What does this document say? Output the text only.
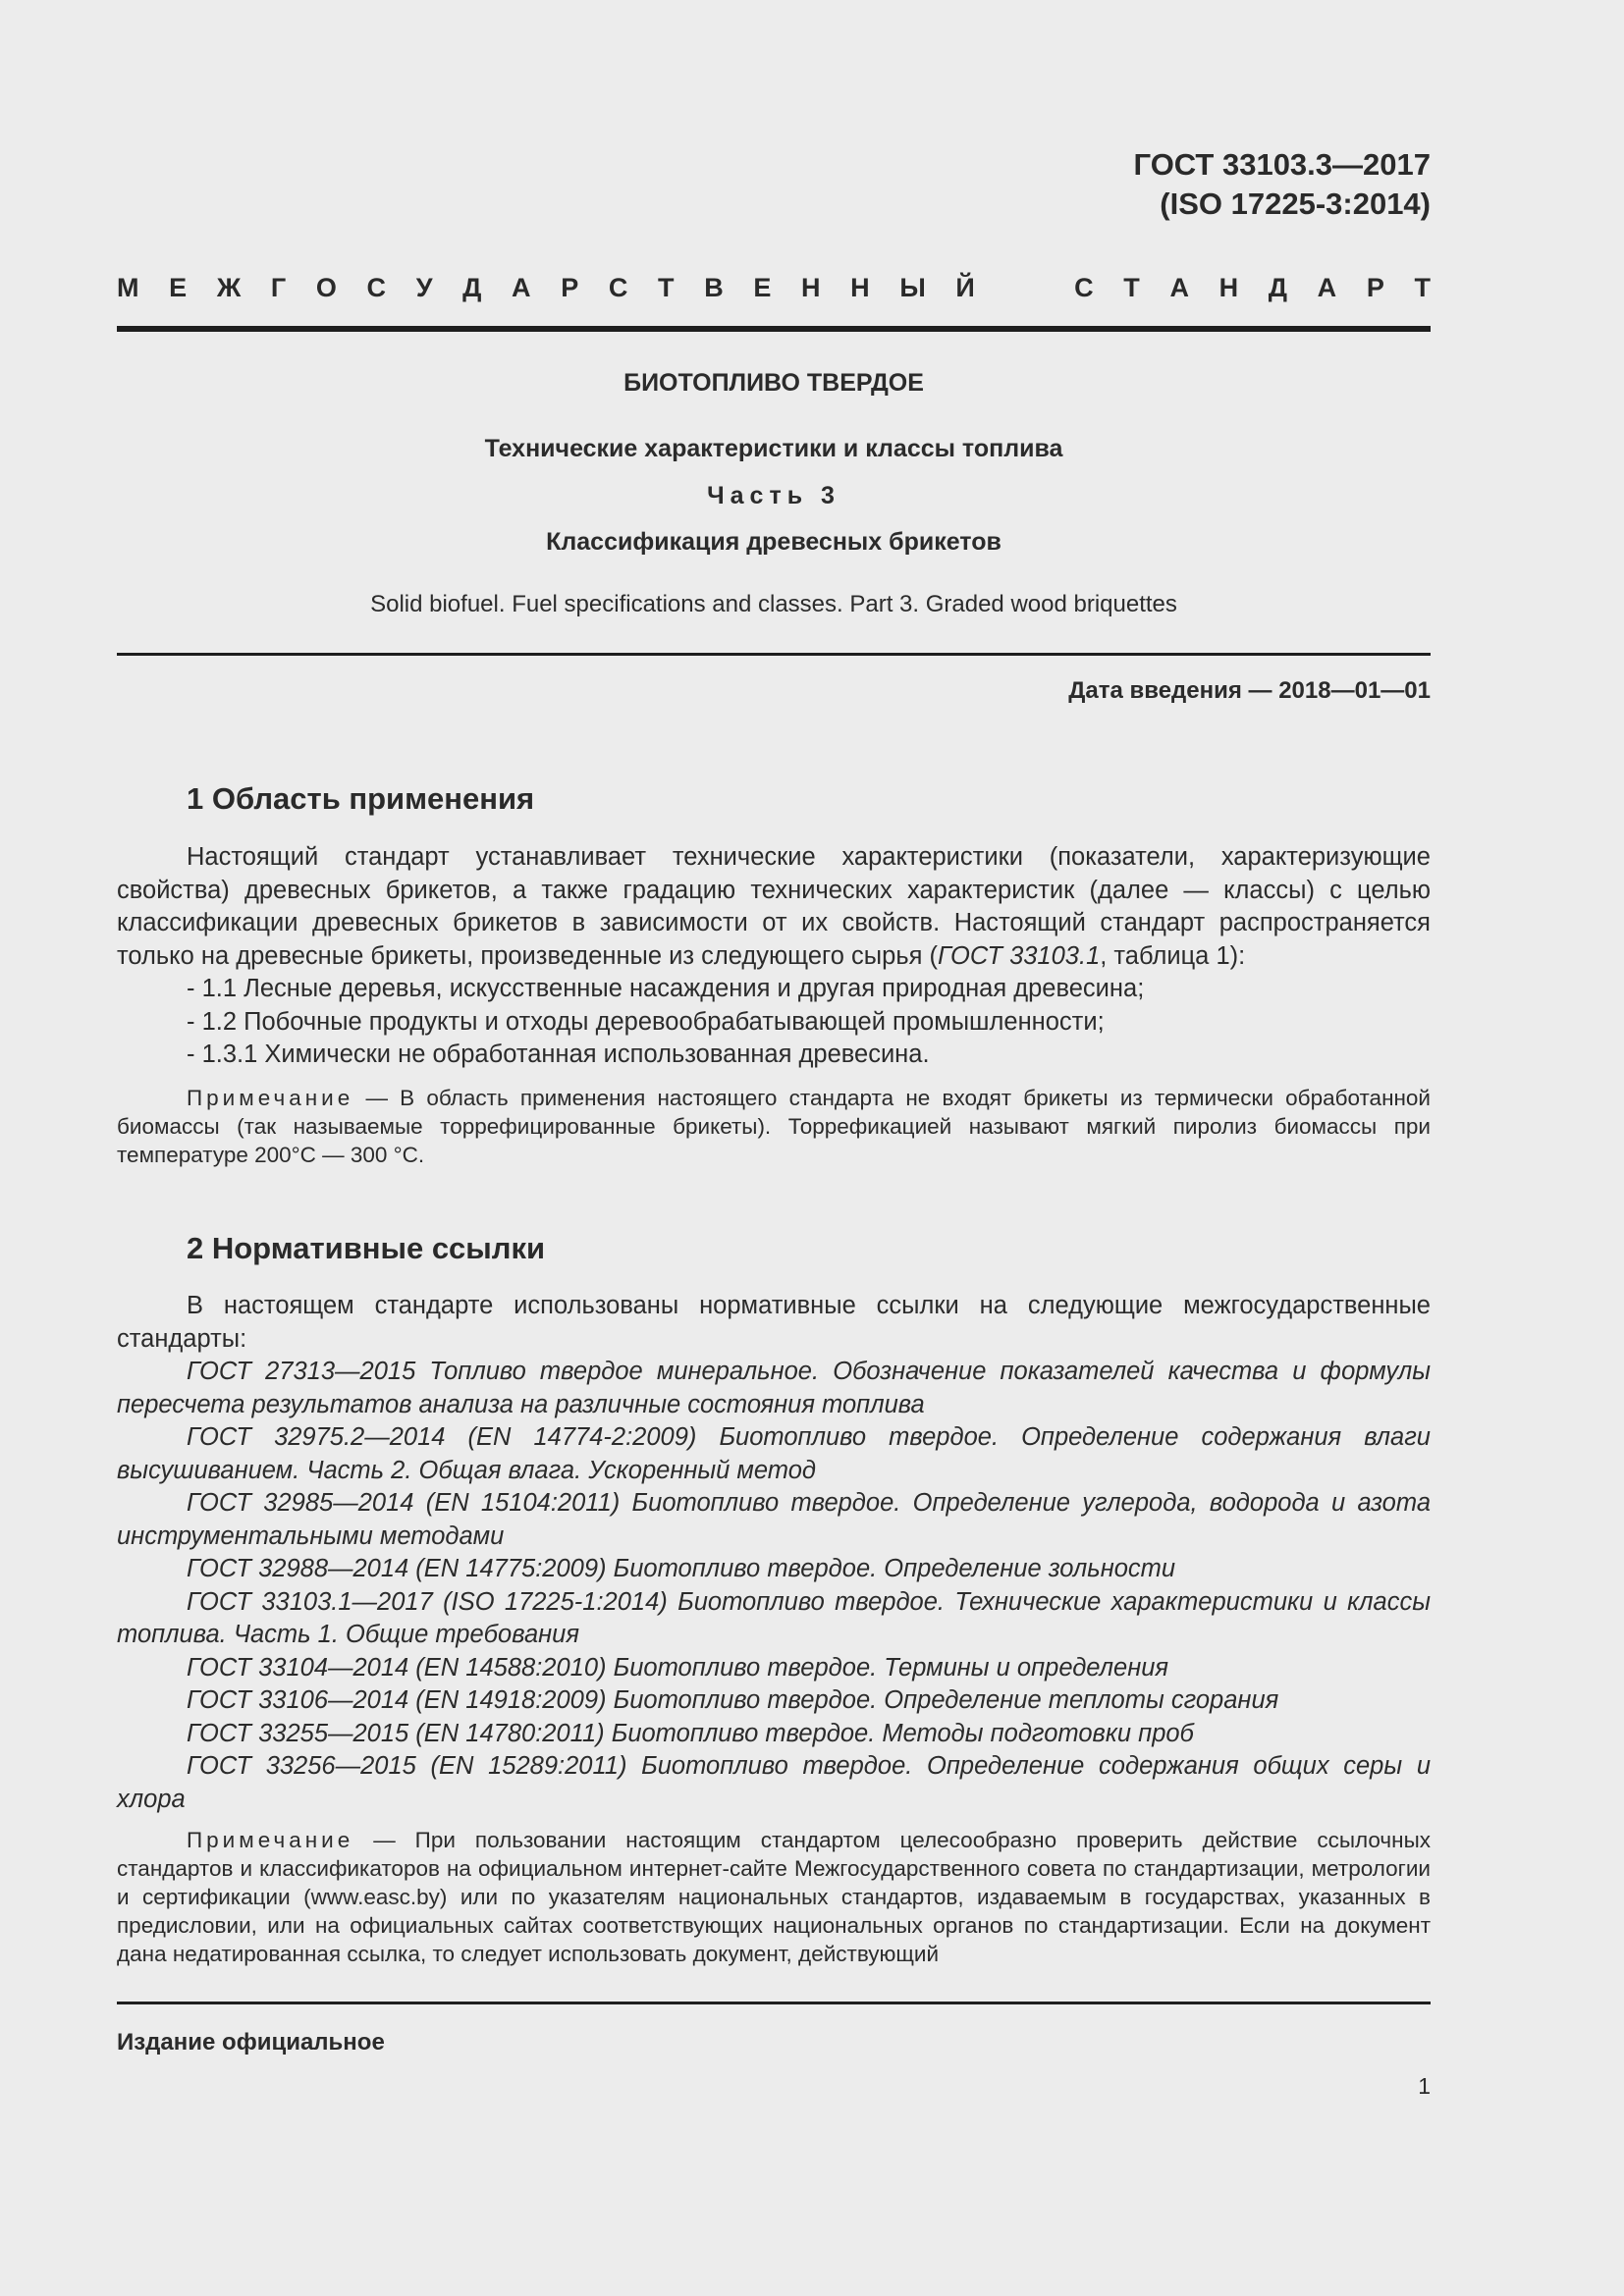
ГОСТ 33103.3—2017
(ISO 17225-3:2014)
М Е Ж Г О С У Д А Р С Т В Е Н Н Ы Й	С Т А Н Д А Р Т
БИОТОПЛИВО ТВЕРДОЕ
Технические характеристики и классы топлива
Часть 3
Классификация древесных брикетов
Solid biofuel. Fuel specifications and classes. Part 3. Graded wood briquettes
Дата введения — 2018—01—01
1 Область применения

Настоящий стандарт устанавливает технические характеристики (показатели, характеризующие свойства) древесных брикетов, а также градацию технических характеристик (далее — классы) с целью классификации древесных брикетов в зависимости от их свойств. Настоящий стандарт распространяется только на древесные брикеты, произведенные из следующего сырья (ГОСТ 33103.1, таблица 1):

- 1.1 Лесные деревья, искусственные насаждения и другая природная древесина;

- 1.2 Побочные продукты и отходы деревообрабатывающей промышленности;

- 1.3.1 Химически не обработанная использованная древесина.

Примечание — В область применения настоящего стандарта не входят брикеты из термически обработанной биомассы (так называемые торрефицированные брикеты). Торрефикацией называют мягкий пиролиз биомассы при температуре 200°С — 300 °С.

2 Нормативные ссылки

В настоящем стандарте использованы нормативные ссылки на следующие межгосударственные стандарты:

ГОСТ 27313—2015 Топливо твердое минеральное. Обозначение показателей качества и формулы пересчета результатов анализа на различные состояния топлива

ГОСТ 32975.2—2014 (EN 14774-2:2009) Биотопливо твердое. Определение содержания влаги высушиванием. Часть 2. Общая влага. Ускоренный метод

ГОСТ 32985—2014 (EN 15104:2011) Биотопливо твердое. Определение углерода, водорода и азота инструментальными методами

ГОСТ 32988—2014 (EN 14775:2009) Биотопливо твердое. Определение зольности

ГОСТ 33103.1—2017 (ISO 17225-1:2014) Биотопливо твердое. Технические характеристики и классы топлива. Часть 1. Общие требования

ГОСТ 33104—2014 (EN 14588:2010) Биотопливо твердое. Термины и определения

ГОСТ 33106—2014 (EN 14918:2009) Биотопливо твердое. Определение теплоты сгорания

ГОСТ 33255—2015 (EN 14780:2011) Биотопливо твердое. Методы подготовки проб

ГОСТ 33256—2015 (EN 15289:2011) Биотопливо твердое. Определение содержания общих серы и хлора

Примечание — При пользовании настоящим стандартом целесообразно проверить действие ссылочных стандартов и классификаторов на официальном интернет-сайте Межгосударственного совета по стандартизации, метрологии и сертификации (www.easc.by) или по указателям национальных стандартов, издаваемым в государствах, указанных в предисловии, или на официальных сайтах соответствующих национальных органов по стандартизации. Если на документ дана недатированная ссылка, то следует использовать документ, действующий

Издание официальное
1
